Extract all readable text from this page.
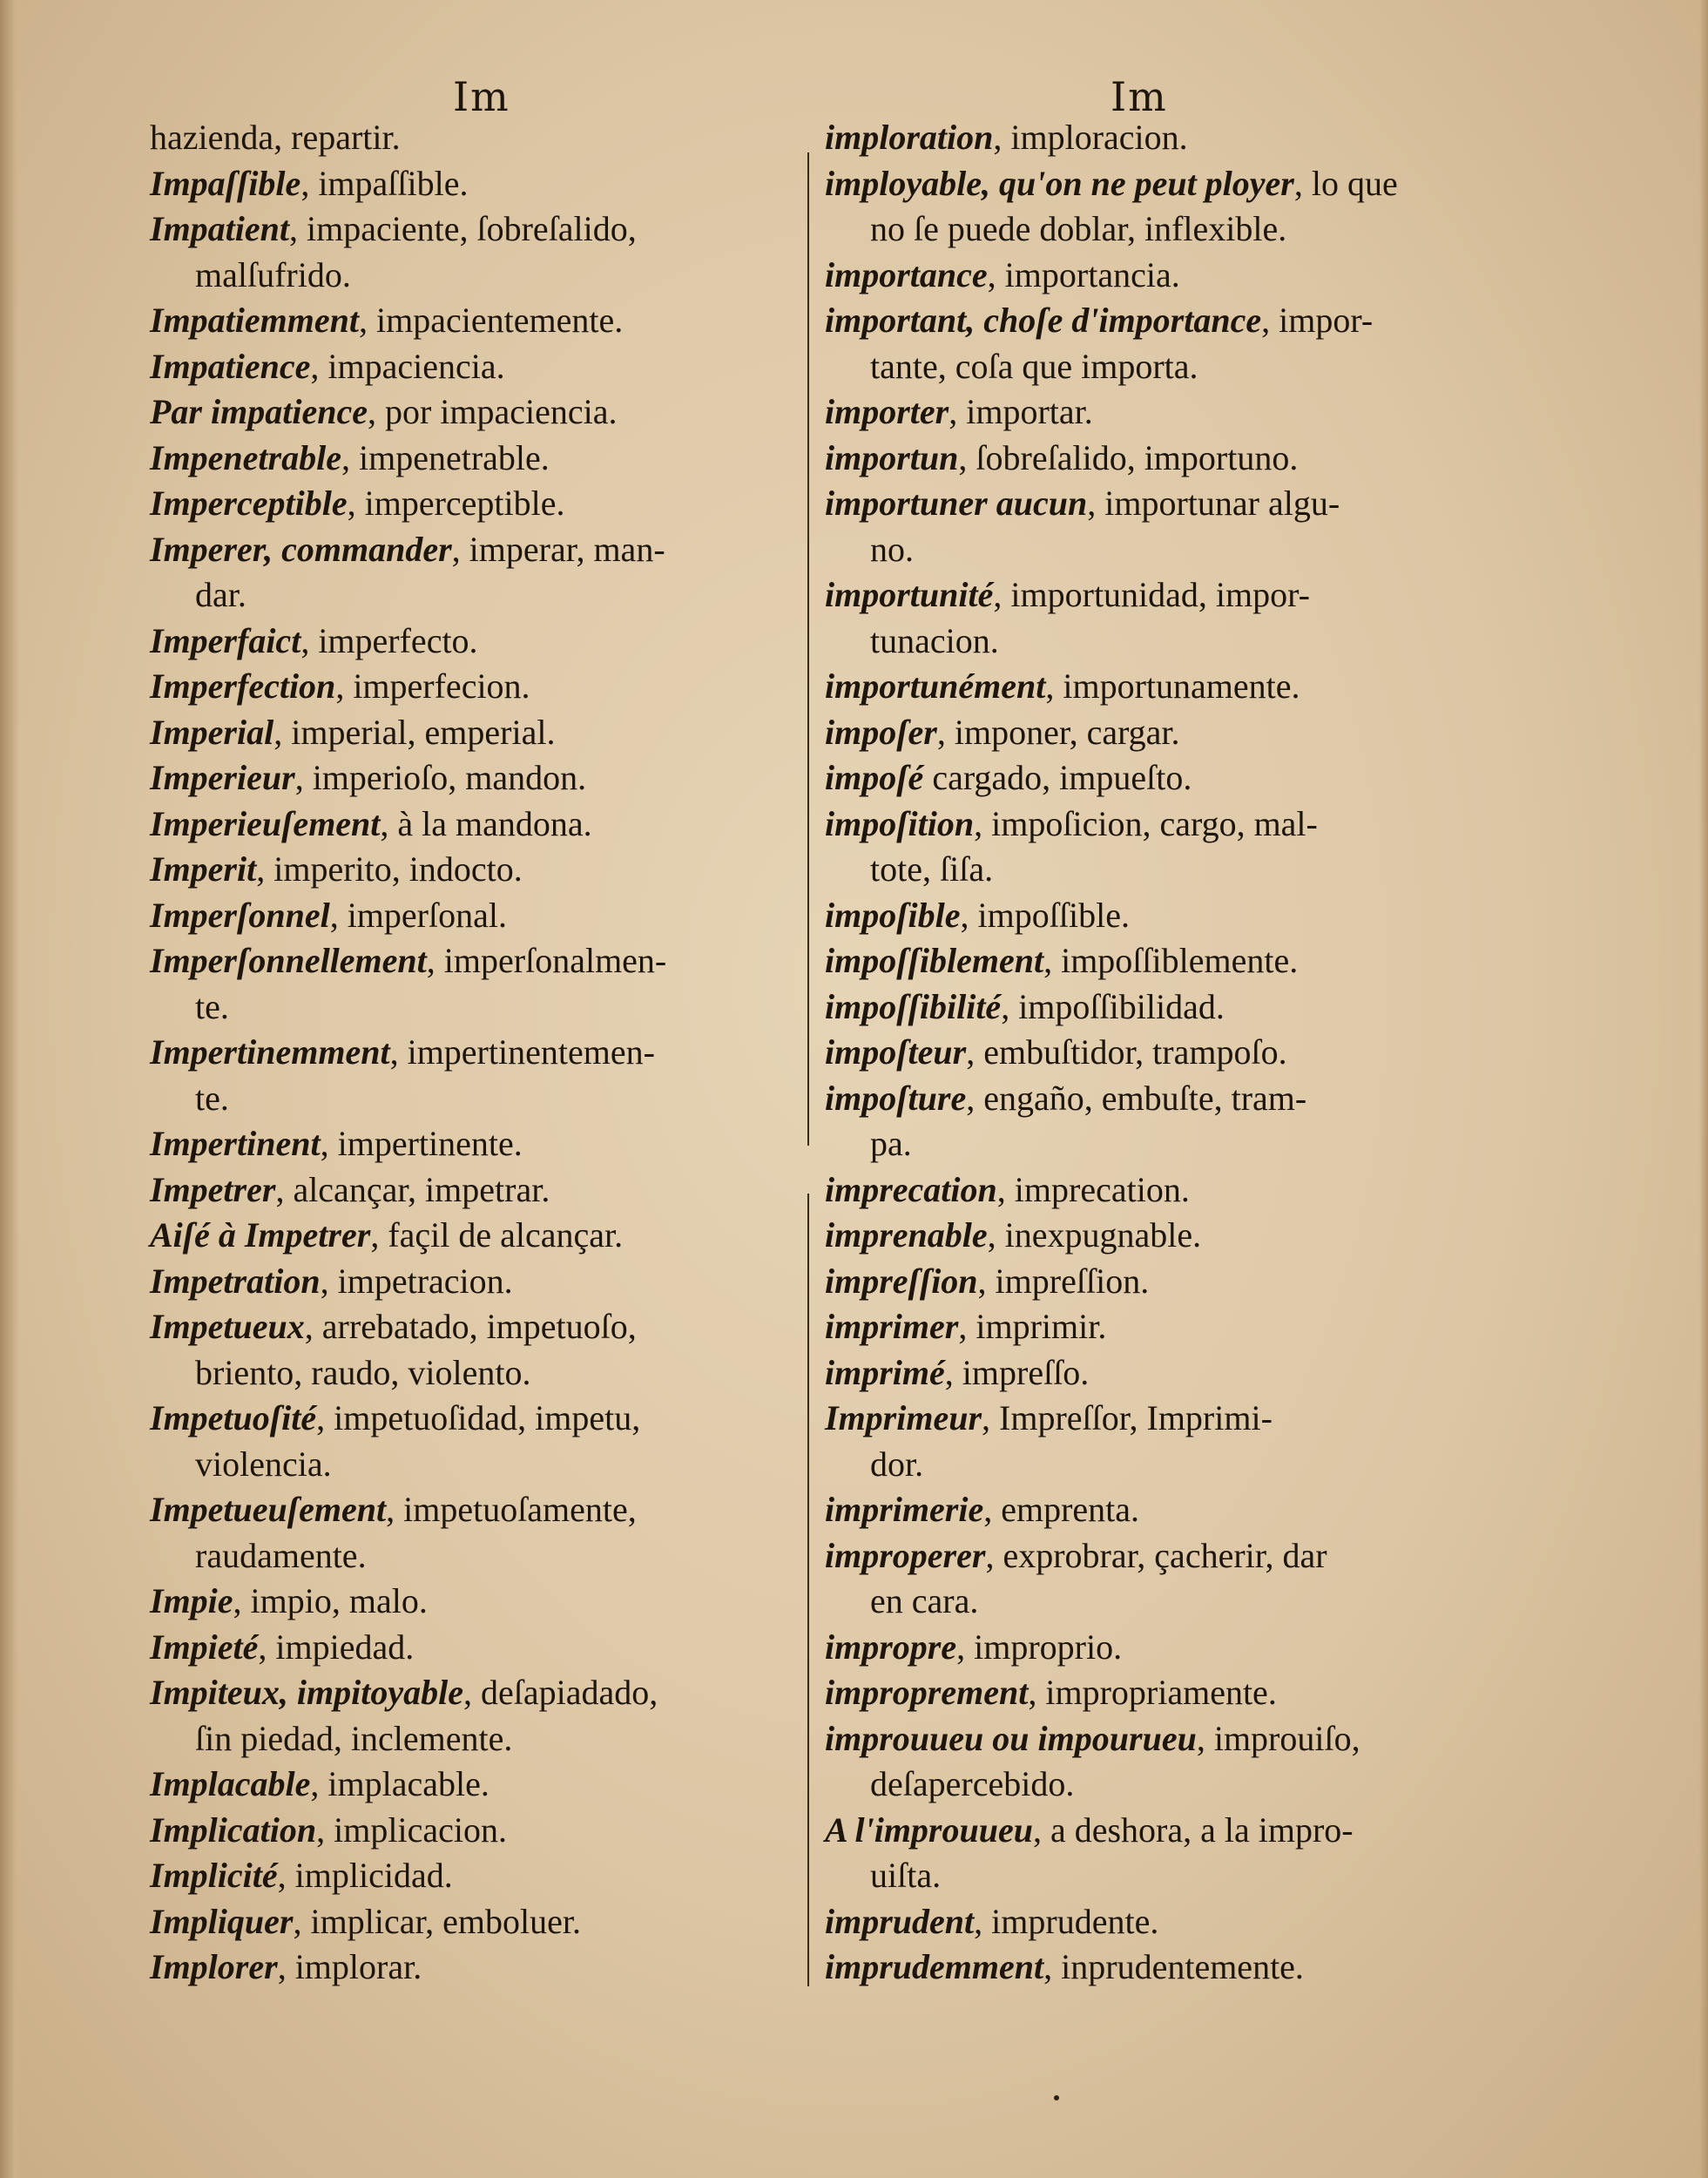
Im	Im
hazienda, repartir.
Impaſſible, impaſſible.
Impatient, impaciente, ſobreſalido,
malſufrido.
Impatiemment, impacientemente.
Impatience, impaciencia.
Par impatience, por impaciencia.
Impenetrable, impenetrable.
Imperceptible, imperceptible.
Imperer, commander, imperar, man-
dar.
Imperfaict, imperfecto.
Imperfection, imperfecion.
Imperial, imperial, emperial.
Imperieur, imperioſo, mandon.
Imperieuſement, à la mandona.
Imperit, imperito, indocto.
Imperſonnel, imperſonal.
Imperſonnellement, imperſonalmen-
te.
Impertinemment, impertinentemen-
te.
Impertinent, impertinente.
Impetrer, alcançar, impetrar.
Aiſé à Impetrer, façil de alcançar.
Impetration, impetracion.
Impetueux, arrebatado, impetuoſo,
briento, raudo, violento.
Impetuoſité, impetuoſidad, impetu,
violencia.
Impetueuſement, impetuoſamente,
raudamente.
Impie, impio, malo.
Impieté, impiedad.
Impiteux, impitoyable, deſapiadado,
ſin piedad, inclemente.
Implacable, implacable.
Implication, implicacion.
Implicité, implicidad.
Impliquer, implicar, emboluer.
Implorer, implorar.
imploration, imploracion.
imployable, qu'on ne peut ployer, lo que
no ſe puede doblar, inflexible.
importance, importancia.
important, choſe d'importance, impor-
tante, coſa que importa.
importer, importar.
importun, ſobreſalido, importuno.
importuner aucun, importunar algu-
no.
importunité, importunidad, impor-
tunacion.
importunément, importunamente.
impoſer, imponer, cargar.
impoſé cargado, impueſto.
impoſition, impoſicion, cargo, mal-
tote, ſiſa.
impoſible, impoſſible.
impoſſiblement, impoſſiblemente.
impoſſibilité, impoſſibilidad.
impoſteur, embuſtidor, trampoſo.
impoſture, engaño, embuſte, tram-
pa.
imprecation, imprecation.
imprenable, inexpugnable.
impreſſion, impreſſion.
imprimer, imprimir.
imprimé, impreſſo.
Imprimeur, Impreſſor, Imprimi-
dor.
imprimerie, emprenta.
improperer, exprobrar, çacherir, dar
en cara.
impropre, improprio.
improprement, impropriamente.
improuueu ou impourueu, improuiſo,
deſapercebido.
A l'improuueu, a deshora, a la impro-
uiſta.
imprudent, imprudente.
imprudemment, inprudentemente.
